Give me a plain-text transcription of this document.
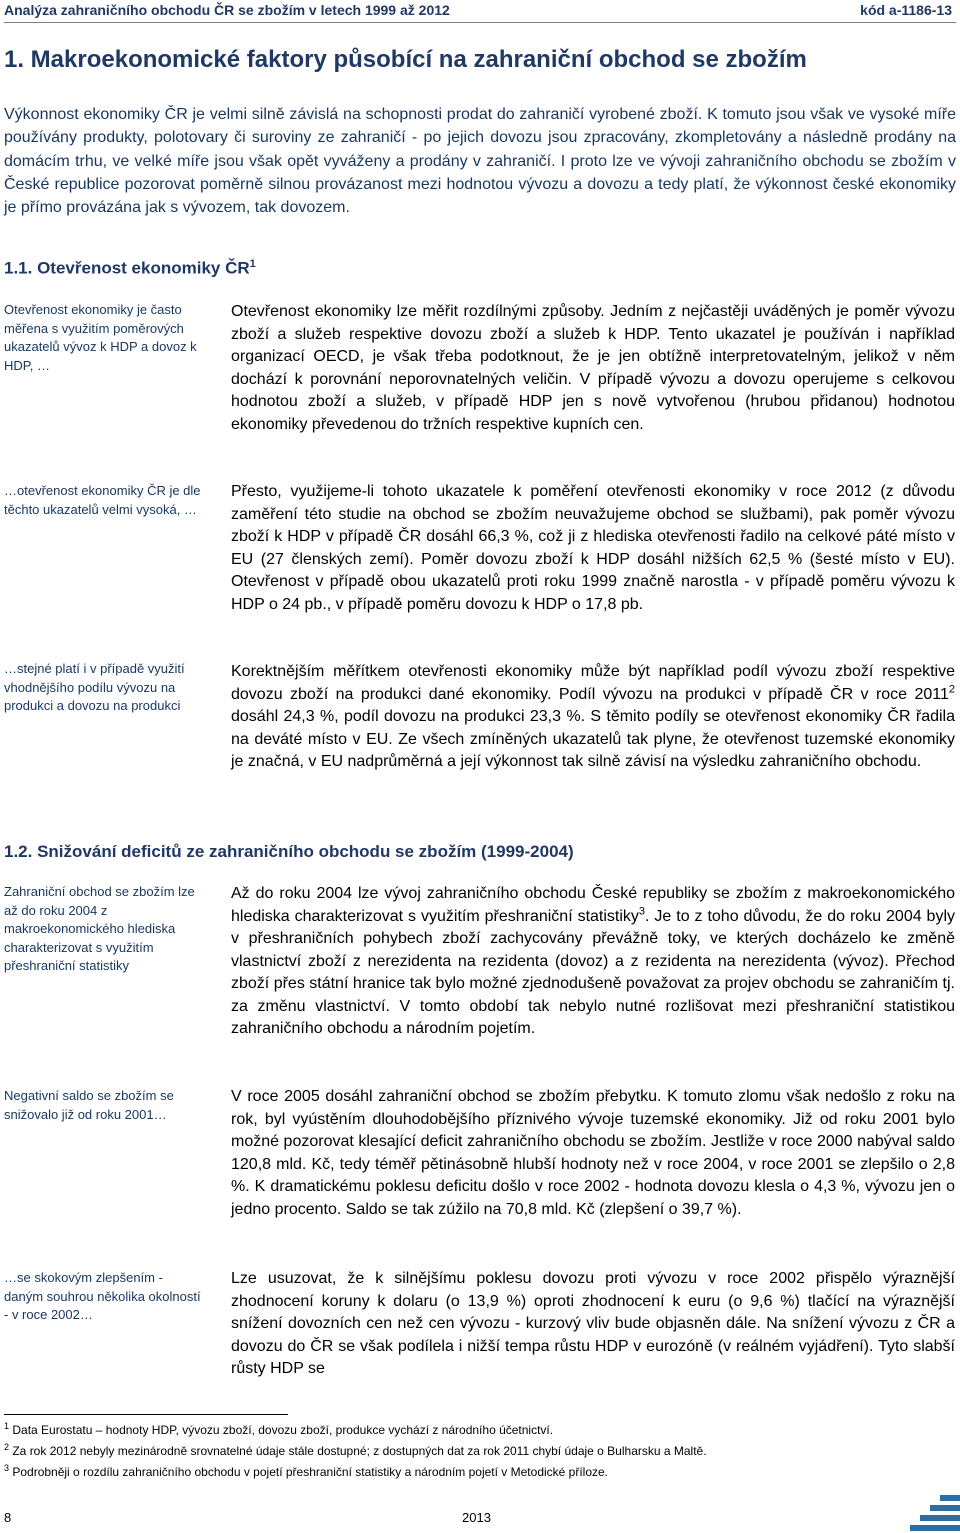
Analýza zahraničního obchodu ČR se zbožím v letech 1999 až 2012	kód a-1186-13
1. Makroekonomické faktory působící na zahraniční obchod se zbožím

Výkonnost ekonomiky ČR je velmi silně závislá na schopnosti prodat do zahraničí vyrobené zboží. K tomuto jsou však ve vysoké míře používány produkty, polotovary či suroviny ze zahraničí - po jejich dovozu jsou zpracovány, zkompletovány a následně prodány na domácím trhu, ve velké míře jsou však opět vyváženy a prodány v zahraničí. I proto lze ve vývoji zahraničního obchodu se zbožím v České republice pozorovat poměrně silnou provázanost mezi hodnotou vývozu a dovozu a tedy platí, že výkonnost české ekonomiky je přímo provázána jak s vývozem, tak dovozem.

1.1. Otevřenost ekonomiky $ČR^1$

Otevřenost ekonomiky je často měřena s využitím poměrových ukazatelů vývoz k HDP a dovoz k HDP, …

…otevřenost ekonomiky ČR je dle těchto ukazatelů velmi vysoká, …

…stejné platí i v případě využití vhodnějšího podílu vývozu na produkci a dovozu na produkci

Otevřenost ekonomiky lze měřit rozdílnými způsoby. Jedním z nejčastěji uváděných je poměr vývozu zboží a služeb respektive dovozu zboží a služeb k HDP. Tento ukazatel je používán i například organizací OECD, je však třeba podotknout, že je jen obtížně interpretovatelným, jelikož v něm dochází k porovnání neporovnatelných veličin. V případě vývozu a dovozu operujeme s celkovou hodnotou zboží a služeb, v případě HDP jen s nově vytvořenou (hrubou přidanou) hodnotou ekonomiky převedenou do tržních respektive kupních cen.

Přesto, využijeme-li tohoto ukazatele k poměření otevřenosti ekonomiky v roce 2012 (z důvodu zaměření této studie na obchod se zbožím neuvažujeme obchod se službami), pak poměr vývozu zboží k HDP v případě ČR dosáhl 66,3 %, což ji z hlediska otevřenosti řadilo na celkové páté místo v EU (27 členských zemí). Poměr dovozu zboží k HDP dosáhl nižších 62,5 % (šesté místo v EU). Otevřenost v případě obou ukazatelů proti roku 1999 značně narostla - v případě poměru vývozu k HDP o 24 pb., v případě poměru dovozu k HDP o 17,8 pb.

Korektnějším měřítkem otevřenosti ekonomiky může být například podíl vývozu zboží respektive dovozu zboží na produkci dané ekonomiky. Podíl vývozu na produkci v případě ČR v roce 2011$^2$ dosáhl 24,3 %, podíl dovozu na produkci 23,3 %. S těmito podíly se otevřenost ekonomiky ČR řadila na deváté místo v EU. Ze všech zmíněných ukazatelů tak plyne, že otevřenost tuzemské ekonomiky je značná, v EU nadprůměrná a její výkonnost tak silně závisí na výsledku zahraničního obchodu.

1.2. Snižování deficitů ze zahraničního obchodu se zbožím (1999-2004)

Zahraniční obchod se zbožím lze až do roku 2004 z makroekonomického hlediska charakterizovat s využitím přeshraniční statistiky

Negativní saldo se zbožím se snižovalo již od roku 2001…

…se skokovým zlepšením - daným souhrou několika okolností - v roce 2002…

Až do roku 2004 lze vývoj zahraničního obchodu České republiky se zbožím z makroekonomického hlediska charakterizovat s využitím přeshraniční statistiky$^3$. Je to z toho důvodu, že do roku 2004 byly v přeshraničních pohybech zboží zachycovány převážně toky, ve kterých docházelo ke změně vlastnictví zboží z nerezidenta na rezidenta (dovoz) a z rezidenta na nerezidenta (vývoz). Přechod zboží přes státní hranice tak bylo možné zjednodušeně považovat za projev obchodu se zahraničím tj. za změnu vlastnictví. V tomto období tak nebylo nutné rozlišovat mezi přeshraniční statistikou zahraničního obchodu a národním pojetím.

V roce 2005 dosáhl zahraniční obchod se zbožím přebytku. K tomuto zlomu však nedošlo z roku na rok, byl vyústěním dlouhodobějšího příznivého vývoje tuzemské ekonomiky. Již od roku 2001 bylo možné pozorovat klesající deficit zahraničního obchodu se zbožím. Jestliže v roce 2000 nabýval saldo 120,8 mld. Kč, tedy téměř pětinásobně hlubší hodnoty než v roce 2004, v roce 2001 se zlepšilo o 2,8 %. K dramatickému poklesu deficitu došlo v roce 2002 - hodnota dovozu klesla o 4,3 %, vývozu jen o jedno procento. Saldo se tak zúžilo na 70,8 mld. Kč (zlepšení o 39,7 %).

Lze usuzovat, že k silnějšímu poklesu dovozu proti vývozu v roce 2002 přispělo výraznější zhodnocení koruny k dolaru (o 13,9 %) oproti zhodnocení k euru (o 9,6 %) tlačící na výraznější snížení dovozních cen než cen vývozu - kurzový vliv bude objasněn dále. Na snížení vývozu z ČR a dovozu do ČR se však podílela i nižší tempa růstu HDP v eurozóně (v reálném vyjádření). Tyto slabší růsty HDP se

$^1$ Data Eurostatu – hodnoty HDP, vývozu zboží, dovozu zboží, produkce vychází z národního účetnictví.

$^2$ Za rok 2012 nebyly mezinárodně srovnatelné údaje stále dostupné; z dostupných dat za rok 2011 chybí údaje o Bulharsku a Maltě.

$^3$ Podrobněji o rozdílu zahraničního obchodu v pojetí přeshraniční statistiky a národním pojetí v Metodické příloze.

8	2013
